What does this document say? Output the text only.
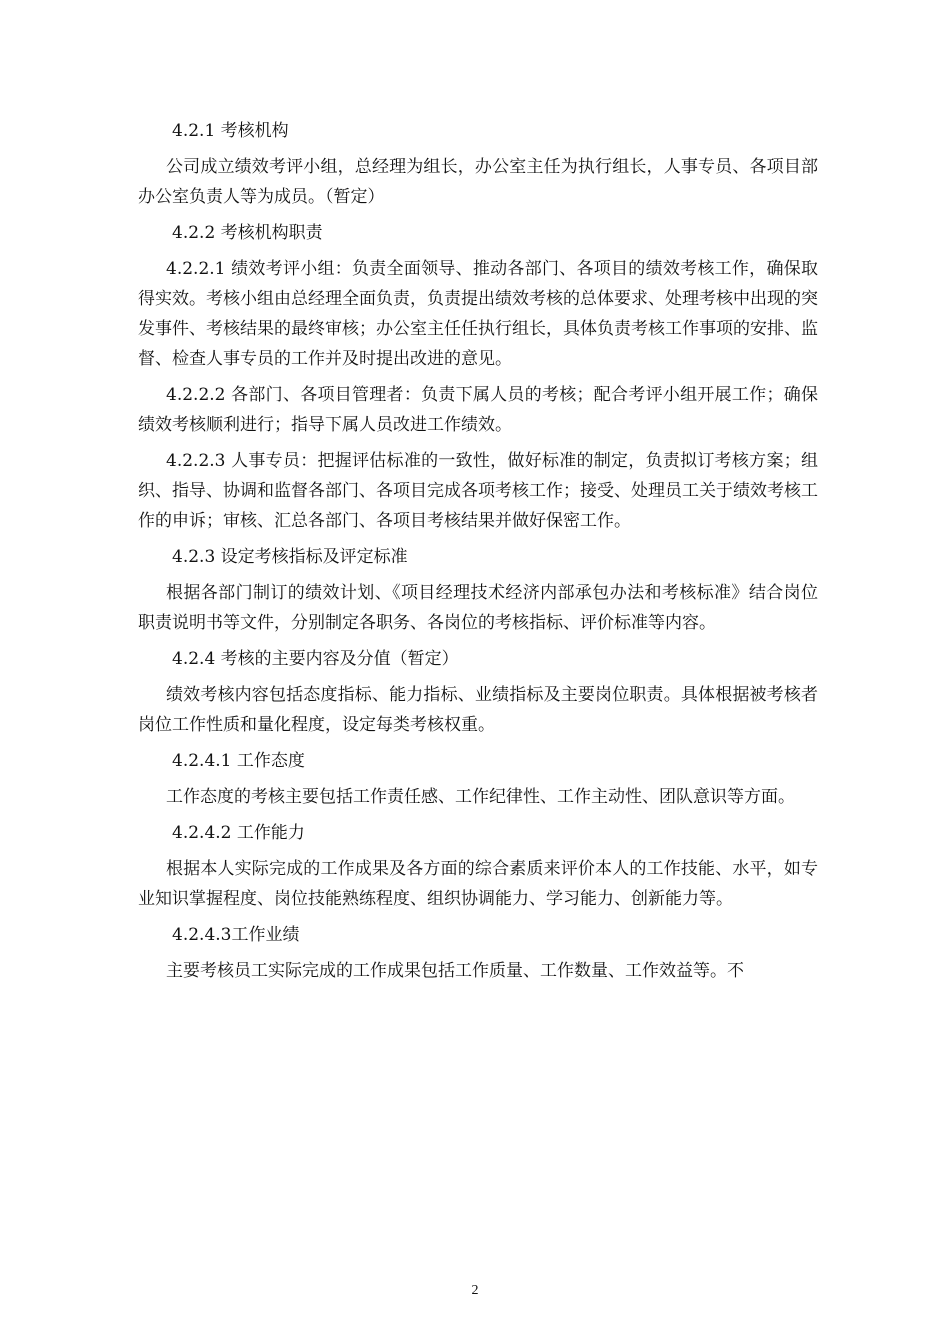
4.2.1 考核机构

公司成立绩效考评小组，总经理为组长，办公室主任为执行组长，人事专员、各项目部办公室负责人等为成员。（暂定）

4.2.2 考核机构职责

4.2.2.1 绩效考评小组：负责全面领导、推动各部门、各项目的绩效考核工作，确保取得实效。考核小组由总经理全面负责，负责提出绩效考核的总体要求、处理考核中出现的突发事件、考核结果的最终审核；办公室主任任执行组长，具体负责考核工作事项的安排、监督、检查人事专员的工作并及时提出改进的意见。

4.2.2.2 各部门、各项目管理者：负责下属人员的考核；配合考评小组开展工作；确保绩效考核顺利进行；指导下属人员改进工作绩效。

4.2.2.3 人事专员：把握评估标准的一致性，做好标准的制定，负责拟订考核方案；组织、指导、协调和监督各部门、各项目完成各项考核工作；接受、处理员工关于绩效考核工作的申诉；审核、汇总各部门、各项目考核结果并做好保密工作。

4.2.3 设定考核指标及评定标准

根据各部门制订的绩效计划、《项目经理技术经济内部承包办法和考核标准》结合岗位职责说明书等文件，分别制定各职务、各岗位的考核指标、评价标准等内容。

4.2.4 考核的主要内容及分值（暂定）

绩效考核内容包括态度指标、能力指标、业绩指标及主要岗位职责。具体根据被考核者岗位工作性质和量化程度，设定每类考核权重。

4.2.4.1 工作态度

工作态度的考核主要包括工作责任感、工作纪律性、工作主动性、团队意识等方面。

4.2.4.2 工作能力

根据本人实际完成的工作成果及各方面的综合素质来评价本人的工作技能、水平，如专业知识掌握程度、岗位技能熟练程度、组织协调能力、学习能力、创新能力等。

4.2.4.3工作业绩

主要考核员工实际完成的工作成果包括工作质量、工作数量、工作效益等。不

2
